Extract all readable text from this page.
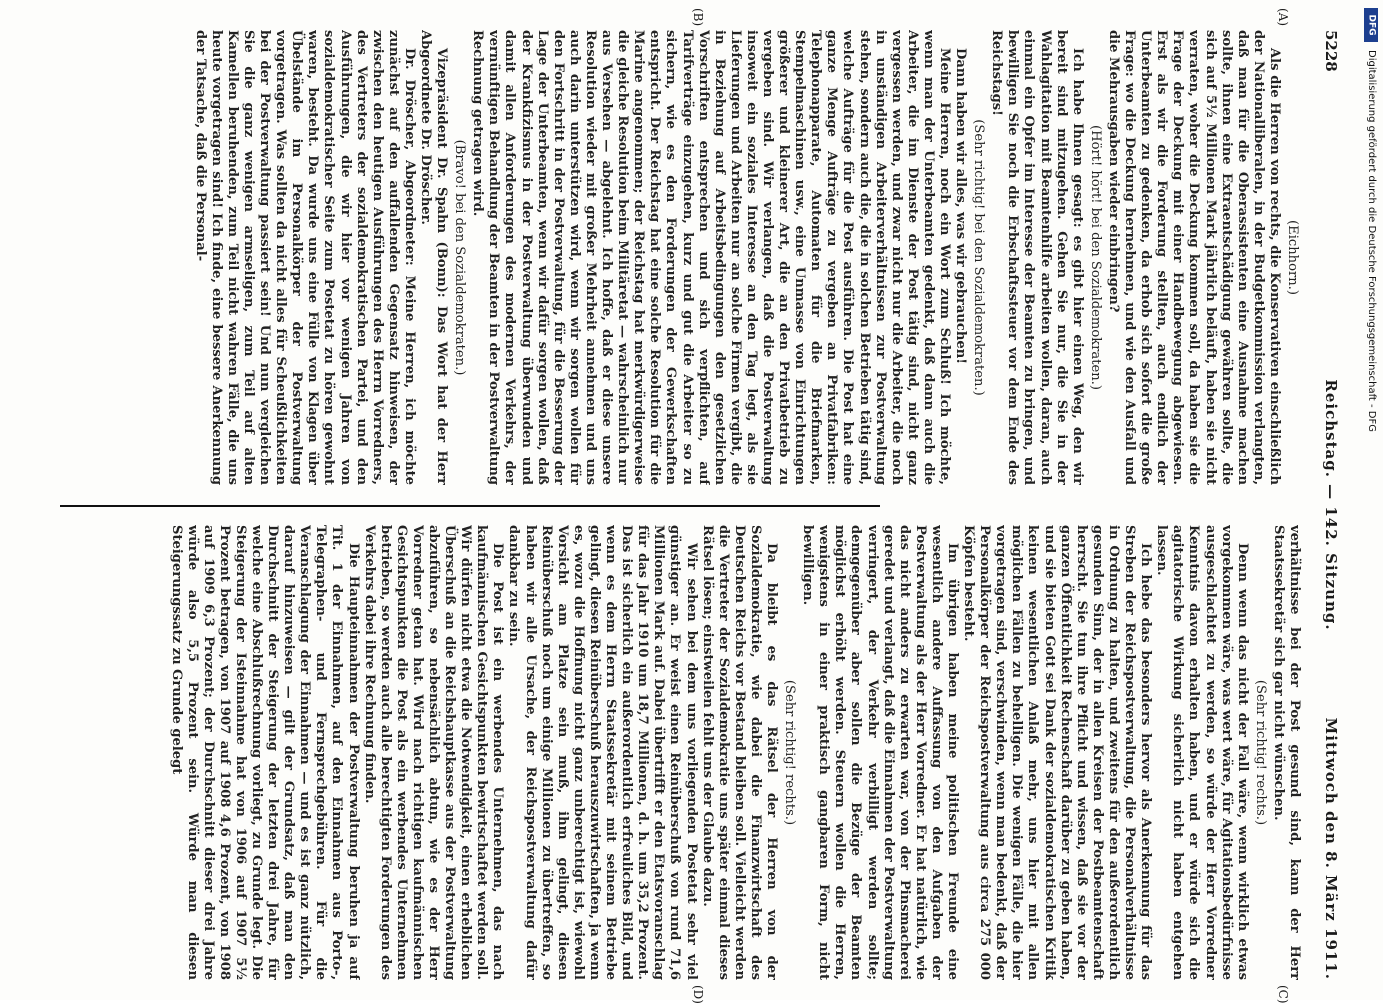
5228
Reichstag. — 142. Sitzung.
Mittwoch den 8. März 1911.

(Eichhorn.)

Als die Herren von rechts, die Konservativen einschließlich der Nationalliberalen, in der Budgetkommission verlangten, daß man für die Oberassistenten eine Ausnahme machen sollte, ihnen eine Extraentschädigung gewähren sollte, die sich auf 5½ Millionen Mark jährlich beläuft, haben sie nicht verraten, woher die Deckung kommen soll, da haben sie die Frage der Deckung mit einer Handbewegung abgewiesen. Erst als wir die Forderung stellten, auch endlich der Unterbeamten zu gedenken, da erhob sich sofort die große Frage: wo die Deckung hernehmen, und wie den Ausfall und die Mehrausgaben wieder einbringen?

(Hört! hört! bei den Sozialdemokraten.)

Ich habe Ihnen gesagt: es gibt hier einen Weg, den wir bereit sind mitzugehen. Gehen Sie nur, die Sie in der Wahlagitation mit Beamtenhilfe arbeiten wollen, daran, auch einmal ein Opfer im Interesse der Beamten zu bringen, und bewilligen Sie noch die Erbschaftssteuer vor dem Ende des Reichstags!

(Sehr richtig! bei den Sozialdemokraten.)

Dann haben wir alles, was wir gebrauchen!

Meine Herren, noch ein Wort zum Schluß! Ich möchte, wenn man der Unterbeamten gedenkt, daß dann auch die Arbeiter, die im Dienste der Post tätig sind, nicht ganz vergessen werden, und zwar nicht nur die Arbeiter, die noch in unständigen Arbeiterverhältnissen zur Postverwaltung stehen, sondern auch die, die in solchen Betrieben tätig sind, welche Aufträge für die Post ausführen. Die Post hat eine ganze Menge Aufträge zu vergeben an Privatfabriken: Telephonapparate, Automaten für die Briefmarken, Stempelmaschinen usw., eine Unmasse von Einrichtungen größerer und kleinerer Art, die an den Privatbetrieb zu vergeben sind. Wir verlangen, daß die Postverwaltung insoweit ein soziales Interesse an den Tag legt, als sie Lieferungen und Arbeiten nur an solche Firmen vergibt, die in Beziehung auf Arbeitsbedingungen den gesetzlichen Vorschriften entsprechen und sich verpflichten, auf Tarifverträge einzugehen, kurz und gut die Arbeiter so zu sichern, wie es den Forderungen der Gewerkschaften entspricht. Der Reichstag hat eine solche Resolution für die Marine angenommen; der Reichstag hat merkwürdigerweise die gleiche Resolution beim Militäretat — wahrscheinlich nur aus Versehen — abgelehnt. Ich hoffe, daß er diese unsere Resolution wieder mit großer Mehrheit annehmen und uns auch darin unterstützen wird, wenn wir sorgen wollen für den Fortschritt in der Postverwaltung, für die Besserung der Lage der Unterbeamten, wenn wir dafür sorgen wollen, daß der Krankfizismus in der Postverwaltung überwunden und damit allen Anforderungen des modernen Verkehrs, der vernünftigen Behandlung der Beamten in der Postverwaltung Rechnung getragen wird.

(Bravo! bei den Sozialdemokraten.)

Vizepräsident Dr. Spahn (Bonn): Das Wort hat der Herr Abgeordnete Dr. Dröscher.

Dr. Dröscher, Abgeordneter: Meine Herren, ich möchte zunächst auf den auffallenden Gegensatz hinweisen, der zwischen den heutigen Ausführungen des Herrn Vorredners, des Vertreters der sozialdemokratischen Partei, und den Ausführungen, die wir hier vor wenigen Jahren von sozialdemokratischer Seite zum Postetat zu hören gewohnt waren, besteht. Da wurde uns eine Fülle von Klagen über Übelstände im Personalkörper der Postverwaltung vorgetragen. Was sollten da nicht alles für Scheußlichkeiten bei der Postverwaltung passiert sein! Und nun vergleichen Sie die ganz wenigen armseligen, zum Teil auf alten Kamellen beruhenden, zum Teil nicht wahren Fälle, die uns heute vorgetragen sind! Ich finde, eine bessere Anerkennung der Tatsache, daß die Personal-

verhältnisse bei der Post gesund sind, kann der Herr Staatssekretär sich gar nicht wünschen.

(Sehr richtig! rechts.)

Denn wenn das nicht der Fall wäre, wenn wirklich etwas vorgekommen wäre, was wert wäre, für Agitationsbedürfnisse ausgeschlachtet zu werden, so würde der Herr Vorredner Kenntnis davon erhalten haben, und er würde sich die agitatorische Wirkung sicherlich nicht haben entgehen lassen.

Ich hebe das besonders hervor als Anerkennung für das Streben der Reichspostverwaltung, die Personalverhältnisse in Ordnung zu halten, und zweitens für den außerordentlich gesunden Sinn, der in allen Kreisen der Postbeamtenschaft herrscht. Sie tun ihre Pflicht und wissen, daß sie vor der ganzen Öffentlichkeit Rechenschaft darüber zu geben haben, und sie bieten Gott sei Dank der sozialdemokratischen Kritik keinen wesentlichen Anlaß mehr, uns hier mit allen möglichen Fällen zu behelligen. Die wenigen Fälle, die hier vorgetragen sind, verschwinden, wenn man bedenkt, daß der Personalkörper der Reichspostverwaltung aus circa 275 000 Köpfen besteht.

Im übrigen haben meine politischen Freunde eine wesentlich andere Auffassung von den Aufgaben der Postverwaltung als der Herr Vorredner. Er hat natürlich, wie das nicht anders zu erwarten war, von der Pinsmacherei geredet und verlangt, daß die Einnahmen der Postverwaltung verringert, der Verkehr verbilligt werden sollte; demgegenüber aber sollen die Bezüge der Beamten möglichst erhöht werden. Steuern wollen die Herren, wenigstens in einer praktisch gangbaren Form, nicht bewilligen.

(Sehr richtig! rechts.)

Da bleibt es das Rätsel der Herren von der Sozialdemokratie, wie dabei die Finanzwirtschaft des Deutschen Reichs vor Bestand bleiben soll. Vielleicht werden die Vertreter der Sozialdemokratie uns später einmal dieses Rätsel lösen; einstweilen fehlt uns der Glaube dazu.

Wir sehen bei dem uns vorliegenden Postetat sehr viel günstiger an. Er weist einen Reinüberschuß von rund 71,6 Millionen Mark auf. Dabei übertrifft er den Etatsvoranschlag für das Jahr 1910 um 18,7 Millionen, d. h. um 35,2 Prozent. Das ist sicherlich ein außerordentlich erfreuliches Bild, und wenn es dem Herrn Staatssekretär mit seinem Betriebe gelingt, diesen Reinüberschuß herauszuwirtschaften, ja wenn es, wozu die Hoffnung nicht ganz unberechtigt ist, wiewohl Vorsicht am Platze sein muß, ihm gelingt, diesen Reinüberschuß noch um einige Millionen zu übertreffen, so haben wir alle Ursache, der Reichspostverwaltung dafür dankbar zu sein.

Die Post ist ein werbendes Unternehmen, das nach kaufmännischen Gesichtspunkten bewirtschaftet werden soll. Wir dürfen nicht etwa die Notwendigkeit, einen erheblichen Überschuß an die Reichshauptkasse aus der Postverwaltung abzuführen, so nebensächlich abtun, wie es der Herr Vorredner getan hat. Wird nach richtigen kaufmännischen Gesichtspunkten die Post als ein werbendes Unternehmen betrieben, so werden auch alle berechtigten Forderungen des Verkehrs dabei ihre Rechnung finden.

Die Haupteinnahmen der Postverwaltung beruhen ja auf Tit. 1 der Einnahmen, auf den Einnahmen aus Porto-, Telegraphen- und Fernsprechgebühren. Für die Veranschlagung der Einnahmen — und es ist ganz nützlich, darauf hinzuweisen — gilt der Grundsatz, daß man den Durchschnitt der Steigerung der letzten drei Jahre, für welche eine Abschlußrechnung vorliegt, zu Grunde legt. Die Steigerung der Isteinnahme hat von 1906 auf 1907 5½ Prozent betragen, von 1907 auf 1908 4,6 Prozent, von 1908 auf 1909 6,3 Prozent; der Durchschnitt dieser drei Jahre würde also 5,5 Prozent sein. Würde man diesen Steigerungssatz zu Grunde gelegt

(A)
(B)
(C)
(D)
DFG
Digitalisierung gefördert durch die Deutsche Forschungsgemeinschaft - DFG
